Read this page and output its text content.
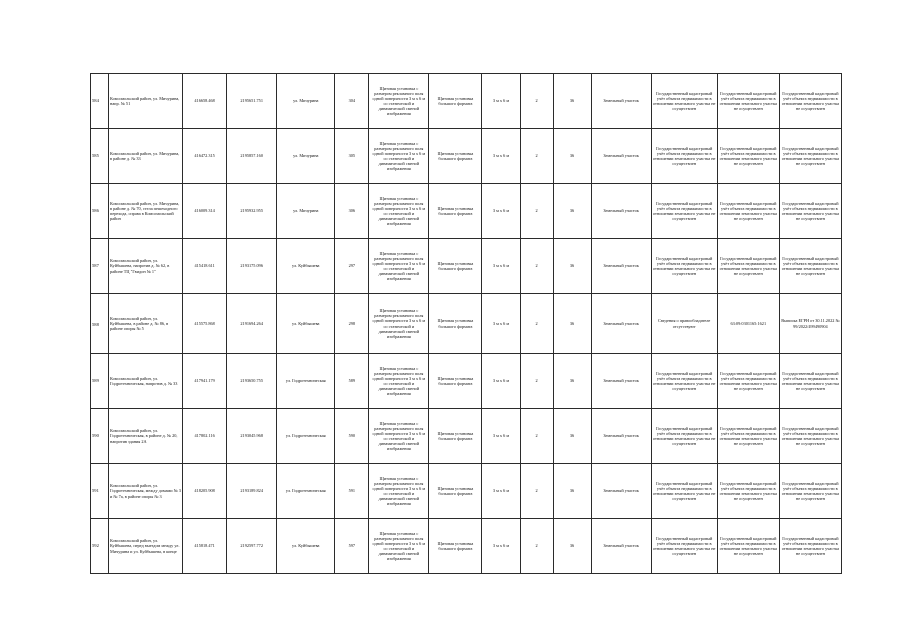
584	Комсомольский район, ул. Мичурина, напр. № 51	416658.468	2195651.751	ул. Мичурина	304	Щитовая установка с размером рекламного поля одной поверхности 3 м x 6 м со статической и динамической сменой изображения	Щитовая установка большого формата	3 м x 6 м	2	36	Земельный участок	Государственный кадастровый учёт объекта недвижимости в отношении земельного участка не осуществлен	Государственный кадастровый учёт объекта недвижимости в отношении земельного участка не осуществлен	Государственный кадастровый учёт объекта недвижимости в отношении земельного участка не осуществлен
585	Комсомольский район, ул. Мичурина, в районе д. № 33	416472.315	2195857.160	ул. Мичурина	305	Щитовая установка с размером рекламного поля одной поверхности 3 м x 6 м со статической и динамической сменой изображения	Щитовая установка большого формата	3 м x 6 м	2	36	Земельный участок	Государственный кадастровый учёт объекта недвижимости в отношении земельного участка не осуществлен	Государственный кадастровый учёт объекта недвижимости в отношении земельного участка не осуществлен	Государственный кадастровый учёт объекта недвижимости в отношении земельного участка не осуществлен
586	Комсомольский район, ул. Мичурина, в районе д. № 70, стела пешеходного перехода, справа в Комсомольский район	416009.314	2195932.955	ул. Мичурина	306	Щитовая установка с размером рекламного поля одной поверхности 3 м x 6 м со статической и динамической сменой изображения	Щитовая установка большого формата	3 м x 6 м	2	36	Земельный участок	Государственный кадастровый учёт объекта недвижимости в отношении земельного участка не осуществлен	Государственный кадастровый учёт объекта недвижимости в отношении земельного участка не осуществлен	Государственный кадастровый учёт объекта недвижимости в отношении земельного участка не осуществлен
587	Комсомольский район, ул. Куйбышева, напротив д. № 62, в районе ТЦ "Гвидон № 1"	415418.611	2193175.096	ул. Куйбышева	297	Щитовая установка с размером рекламного поля одной поверхности 3 м x 6 м со статической и динамической сменой изображения	Щитовая установка большого формата	3 м x 6 м	2	36	Земельный участок	Государственный кадастровый учёт объекта недвижимости в отношении земельного участка не осуществлен	Государственный кадастровый учёт объекта недвижимости в отношении земельного участка не осуществлен	Государственный кадастровый учёт объекта недвижимости в отношении земельного участка не осуществлен
588	Комсомольский район, ул. Куйбышева, в районе д. № 86, в районе опоры № 5	415575.868	2191694.264	ул. Куйбышева	298	Щитовая установка с размером рекламного поля одной поверхности 3 м x 6 м со статической и динамической сменой изображения	Щитовая установка большого формата	3 м x 6 м	2	36	Земельный участок	Сведения о правообладателе отсутствуют	63:09:0301165:1621	Выписка ЕГРН от 30.11.2022 № 99/2022/499490904
589	Комсомольский район, ул. Гидротехническая, напротив д. № 33	417941.179	2193650.755	ул. Гидротехническая	589	Щитовая установка с размером рекламного поля одной поверхности 3 м x 6 м со статической и динамической сменой изображения	Щитовая установка большого формата	3 м x 6 м	2	36	Земельный участок	Государственный кадастровый учёт объекта недвижимости в отношении земельного участка не осуществлен	Государственный кадастровый учёт объекта недвижимости в отношении земельного участка не осуществлен	Государственный кадастровый учёт объекта недвижимости в отношении земельного участка не осуществлен
590	Комсомольский район, ул. Гидротехническая, в районе д. № 20, напротив здания 2А	417802.116	2193045.968	ул. Гидротехническая	590	Щитовая установка с размером рекламного поля одной поверхности 3 м x 6 м со статической и динамической сменой изображения	Щитовая установка большого формата	3 м x 6 м	2	36	Земельный участок	Государственный кадастровый учёт объекта недвижимости в отношении земельного участка не осуществлен	Государственный кадастровый учёт объекта недвижимости в отношении земельного участка не осуществлен	Государственный кадастровый учёт объекта недвижимости в отношении земельного участка не осуществлен
591	Комсомольский район, ул. Гидротехническая, между домами № 3 и № 7а, в районе опоры № 3	418205.908	2193189.824	ул. Гидротехническая	591	Щитовая установка с размером рекламного поля одной поверхности 3 м x 6 м со статической и динамической сменой изображения	Щитовая установка большого формата	3 м x 6 м	2	36	Земельный участок	Государственный кадастровый учёт объекта недвижимости в отношении земельного участка не осуществлен	Государственный кадастровый учёт объекта недвижимости в отношении земельного участка не осуществлен	Государственный кадастровый учёт объекта недвижимости в отношении земельного участка не осуществлен
592	Комсомольский район, ул. Куйбышева, перед выездом между ул. Мичурина и ул. Куйбышева, в конце	415818.471	2192597.772	ул. Куйбышева	597	Щитовая установка с размером рекламного поля одной поверхности 3 м x 6 м со статической и динамической сменой изображения	Щитовая установка большого формата	3 м x 6 м	2	36	Земельный участок	Государственный кадастровый учёт объекта недвижимости в отношении земельного участка не осуществлен	Государственный кадастровый учёт объекта недвижимости в отношении земельного участка не осуществлен	Государственный кадастровый учёт объекта недвижимости в отношении земельного участка не осуществлен
